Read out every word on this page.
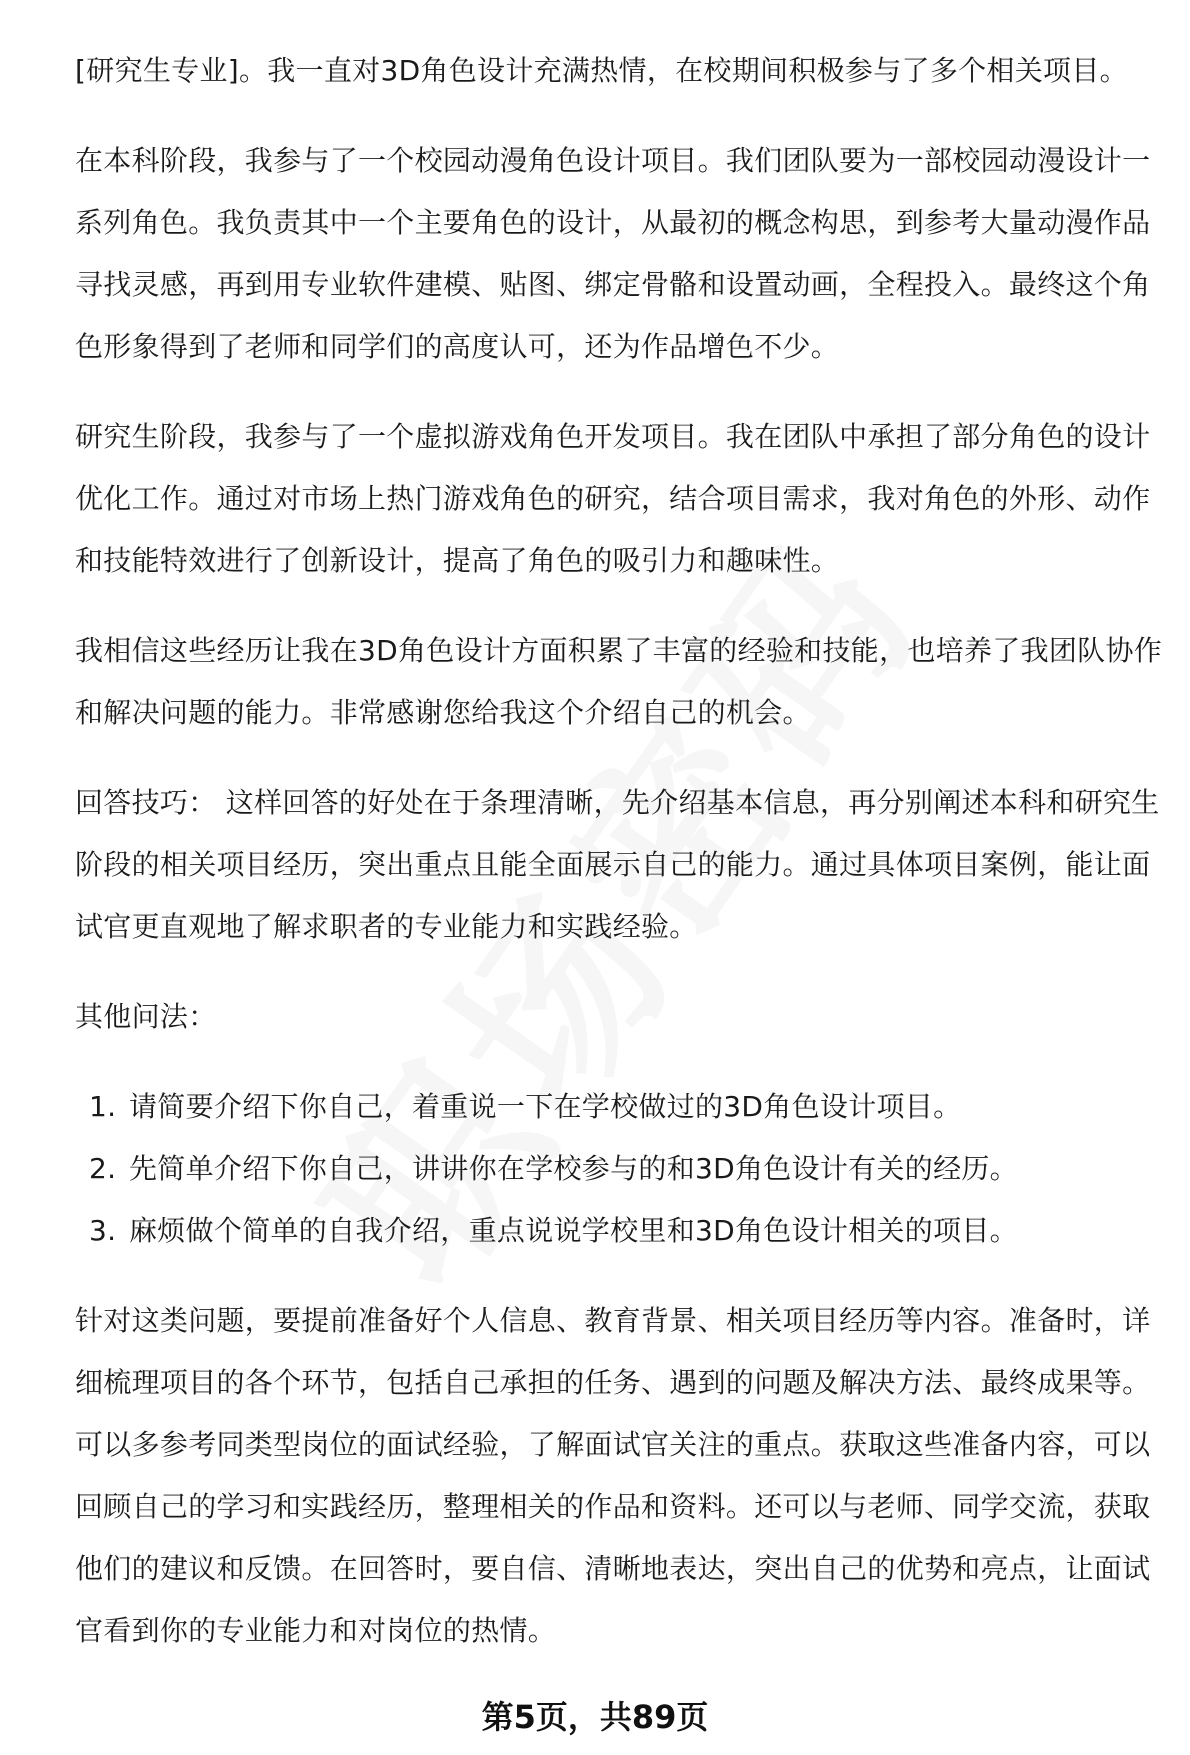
[研究生专业]。我一直对3D角色设计充满热情，在校期间积极参与了多个相关项目。

在本科阶段，我参与了一个校园动漫角色设计项目。我们团队要为一部校园动漫设计一系列角色。我负责其中一个主要角色的设计，从最初的概念构思，到参考大量动漫作品寻找灵感，再到用专业软件建模、贴图、绑定骨骼和设置动画，全程投入。最终这个角色形象得到了老师和同学们的高度认可，还为作品增色不少。

研究生阶段，我参与了一个虚拟游戏角色开发项目。我在团队中承担了部分角色的设计优化工作。通过对市场上热门游戏角色的研究，结合项目需求，我对角色的外形、动作和技能特效进行了创新设计，提高了角色的吸引力和趣味性。

我相信这些经历让我在3D角色设计方面积累了丰富的经验和技能，也培养了我团队协作和解决问题的能力。非常感谢您给我这个介绍自己的机会。

回答技巧： 这样回答的好处在于条理清晰，先介绍基本信息，再分别阐述本科和研究生阶段的相关项目经历，突出重点且能全面展示自己的能力。通过具体项目案例，能让面试官更直观地了解求职者的专业能力和实践经验。

其他问法：

1. 请简要介绍下你自己，着重说一下在学校做过的3D角色设计项目。
2. 先简单介绍下你自己，讲讲你在学校参与的和3D角色设计有关的经历。
3. 麻烦做个简单的自我介绍，重点说说学校里和3D角色设计相关的项目。

针对这类问题，要提前准备好个人信息、教育背景、相关项目经历等内容。准备时，详细梳理项目的各个环节，包括自己承担的任务、遇到的问题及解决方法、最终成果等。可以多参考同类型岗位的面试经验，了解面试官关注的重点。获取这些准备内容，可以回顾自己的学习和实践经历，整理相关的作品和资料。还可以与老师、同学交流，获取他们的建议和反馈。在回答时，要自信、清晰地表达，突出自己的优势和亮点，让面试官看到你的专业能力和对岗位的热情。

第5页，共89页
